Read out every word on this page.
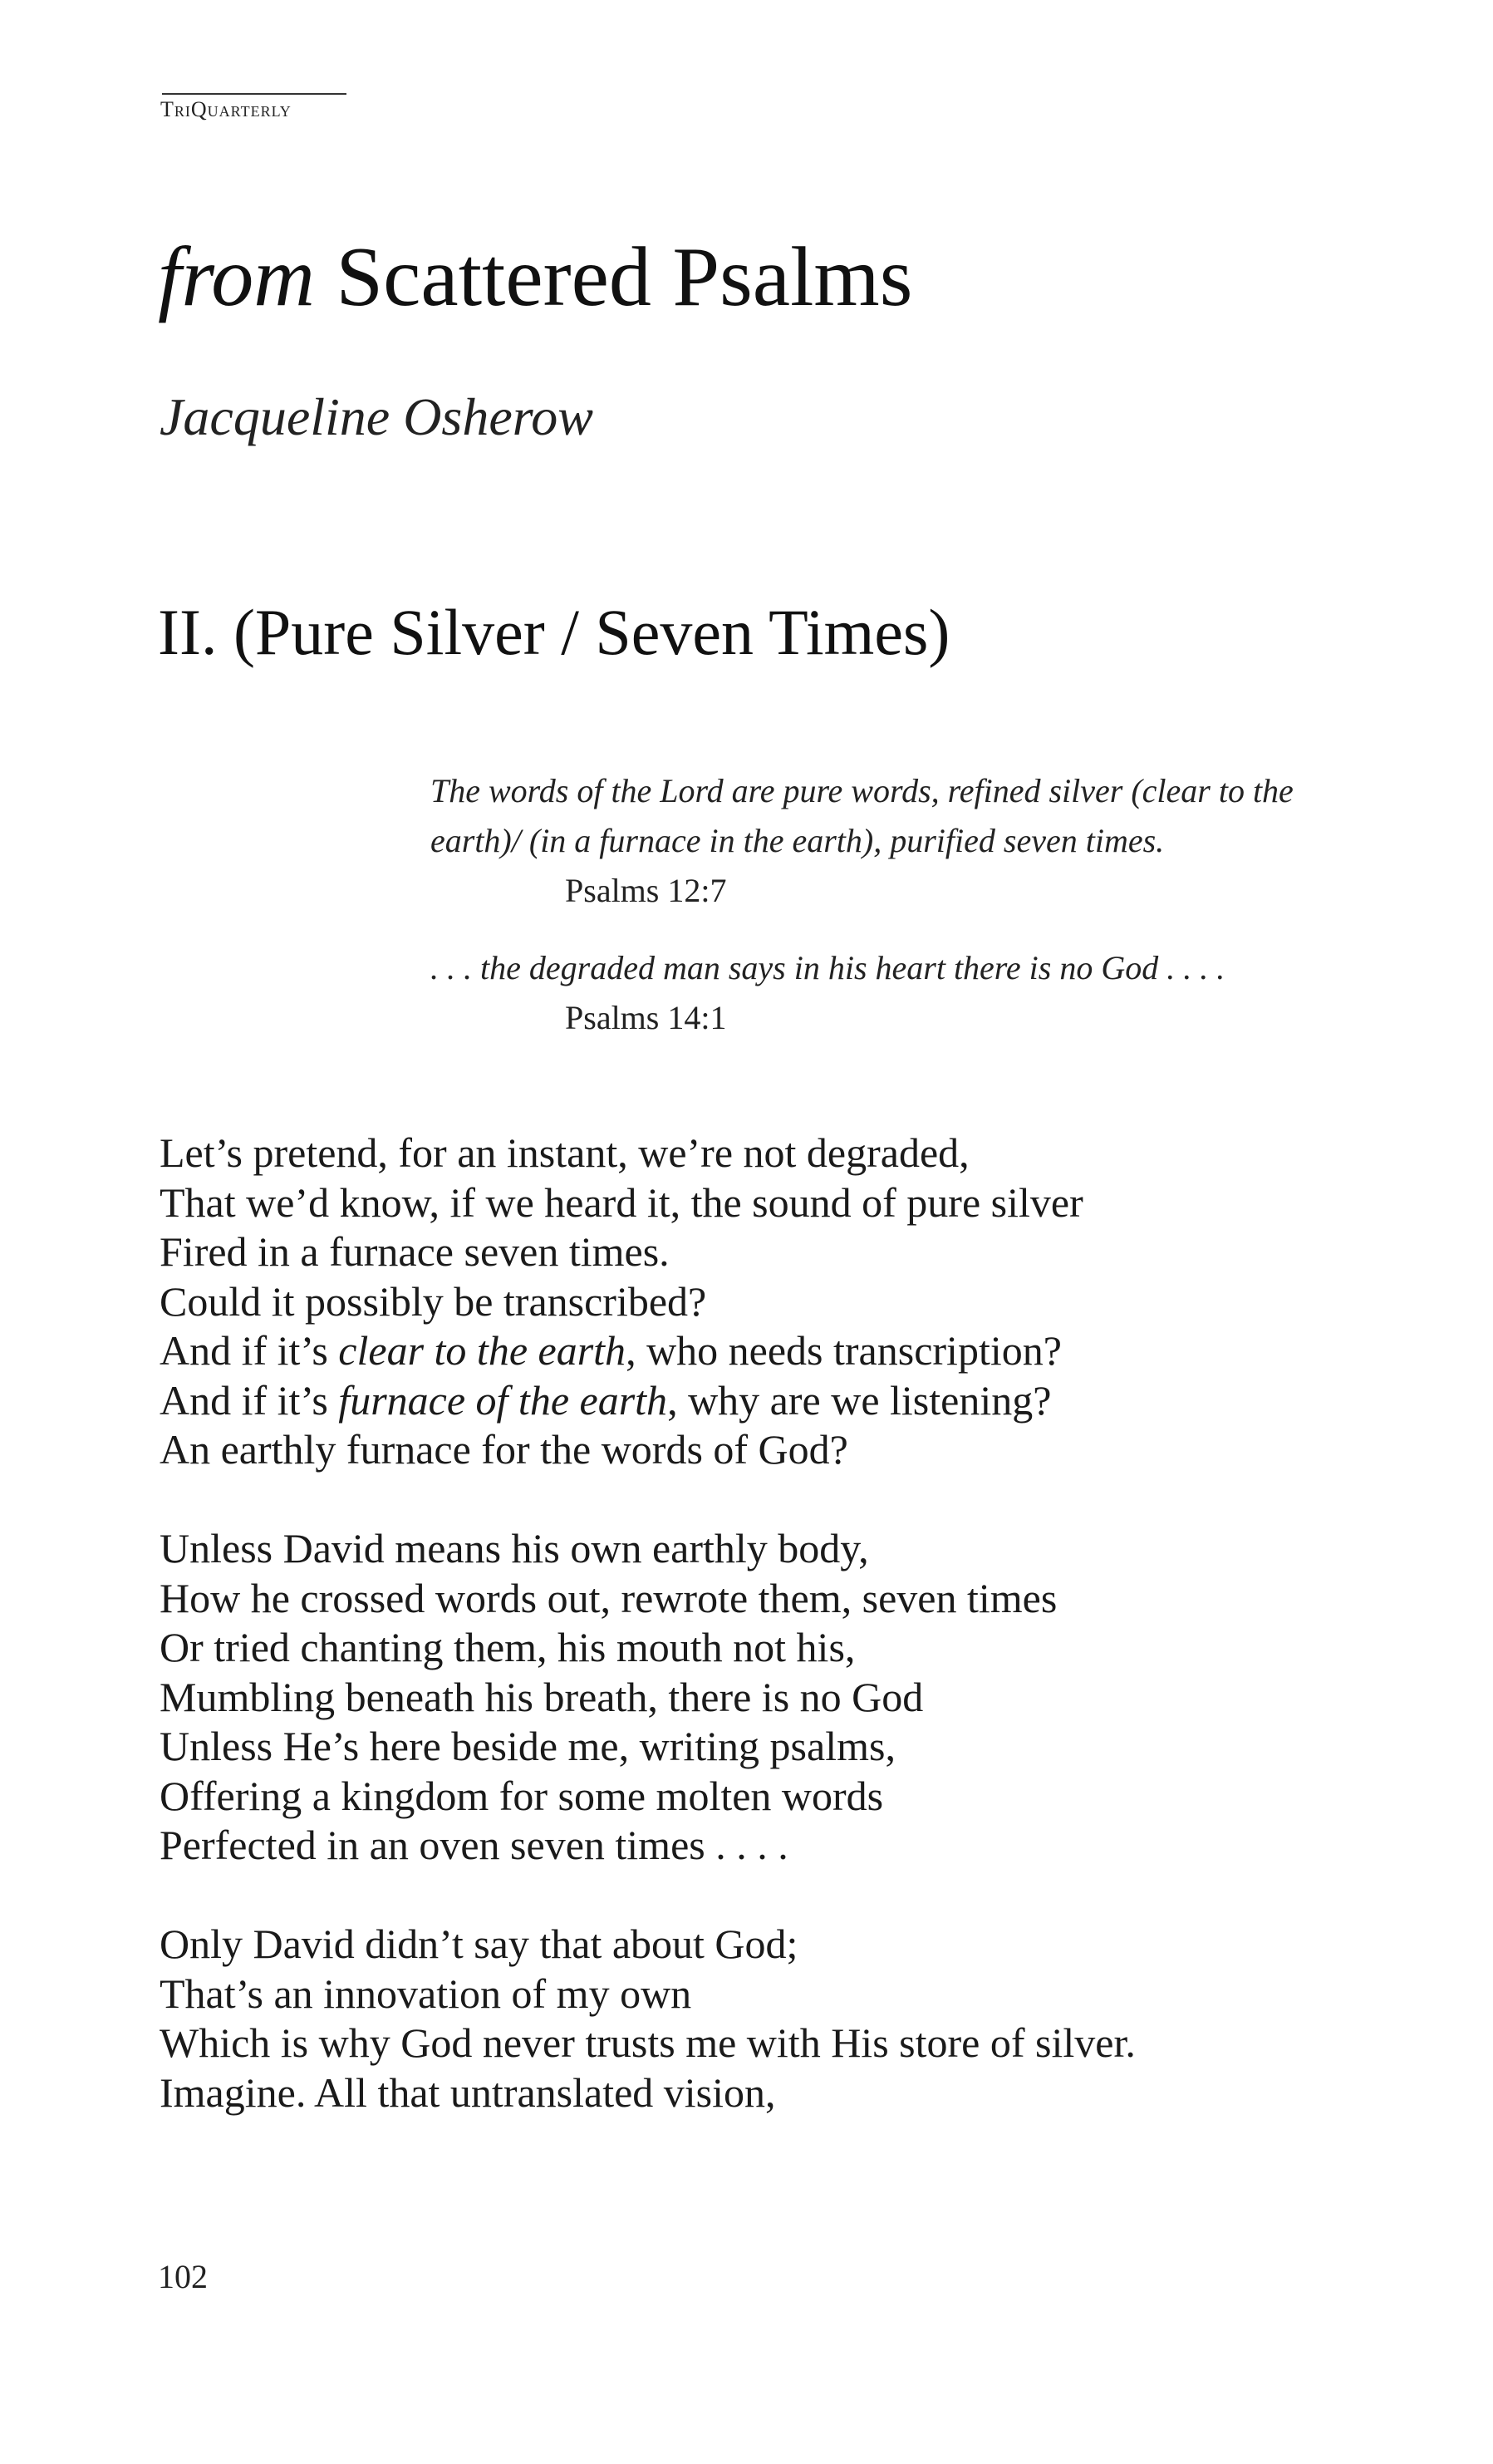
TriQuarterly
from Scattered Psalms
Jacqueline Osherow
II. (Pure Silver / Seven Times)
The words of the Lord are pure words, refined silver (clear to the
earth)/ (in a furnace in the earth), purified seven times.
Psalms 12:7
. . . the degraded man says in his heart there is no God . . . .
Psalms 14:1
Let’s pretend, for an instant, we’re not degraded,
That we’d know, if we heard it, the sound of pure silver
Fired in a furnace seven times.
Could it possibly be transcribed?
And if it’s clear to the earth, who needs transcription?
And if it’s furnace of the earth, why are we listening?
An earthly furnace for the words of God?
Unless David means his own earthly body,
How he crossed words out, rewrote them, seven times
Or tried chanting them, his mouth not his,
Mumbling beneath his breath, there is no God
Unless He’s here beside me, writing psalms,
Offering a kingdom for some molten words
Perfected in an oven seven times . . . .
Only David didn’t say that about God;
That’s an innovation of my own
Which is why God never trusts me with His store of silver.
Imagine. All that untranslated vision,
102
